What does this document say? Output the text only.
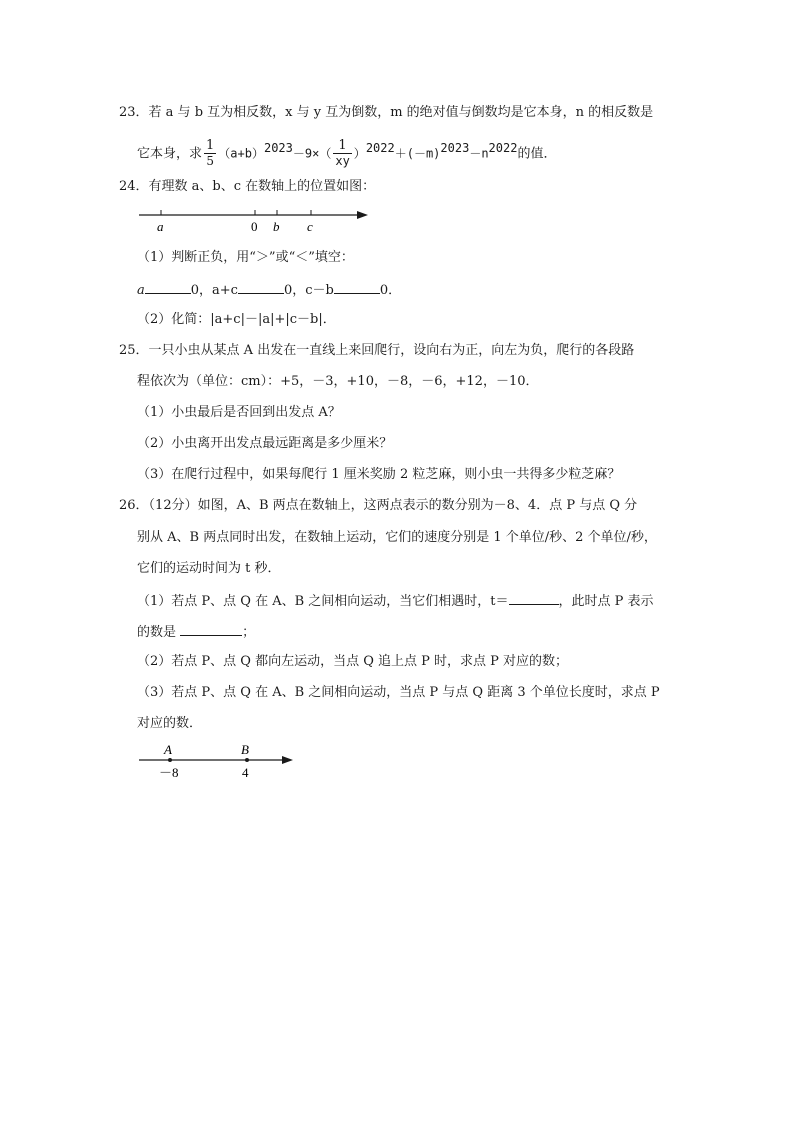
23．若 a 与 b 互为相反数，x 与 y 互为倒数，m 的绝对值与倒数均是它本身，n 的相反数是
它本身，求 $\frac{1}{5} (a+b)^{2023}-9\times( \frac{1}{xy} )^{2022}+(-m)^{2023}-n^{2022}$的值．
24．有理数 a、b、c 在数轴上的位置如图：
a	0 b c
（1）判断正负，用“＞”或“＜”填空：
a	0，a+c	0，c－b	0．
（2）化简：|a+c|－|a|+|c－b|．
25．一只小虫从某点 A 出发在一直线上来回爬行，设向右为正，向左为负，爬行的各段路
程依次为（单位：cm）：+5，－3，+10，－8，－6，+12，－10．
（1）小虫最后是否回到出发点 A？
（2）小虫离开出发点最远距离是多少厘米？
（3）在爬行过程中，如果每爬行 1 厘米奖励 2 粒芝麻，则小虫一共得多少粒芝麻？
26．（12分）如图，A、B 两点在数轴上，这两点表示的数分别为－8、4．点 P 与点 Q 分
别从 A、B 两点同时出发，在数轴上运动，它们的速度分别是 1 个单位/秒、2 个单位/秒，
它们的运动时间为 t 秒．
（1）若点 P、点 Q 在 A、B 之间相向运动，当它们相遇时，t＝	，此时点 P 表示
的数是	；
（2）若点 P、点 Q 都向左运动，当点 Q 追上点 P 时，求点 P 对应的数；
（3）若点 P、点 Q 在 A、B 之间相向运动，当点 P 与点 Q 距离 3 个单位长度时，求点 P
对应的数．
A	B
－8	4
